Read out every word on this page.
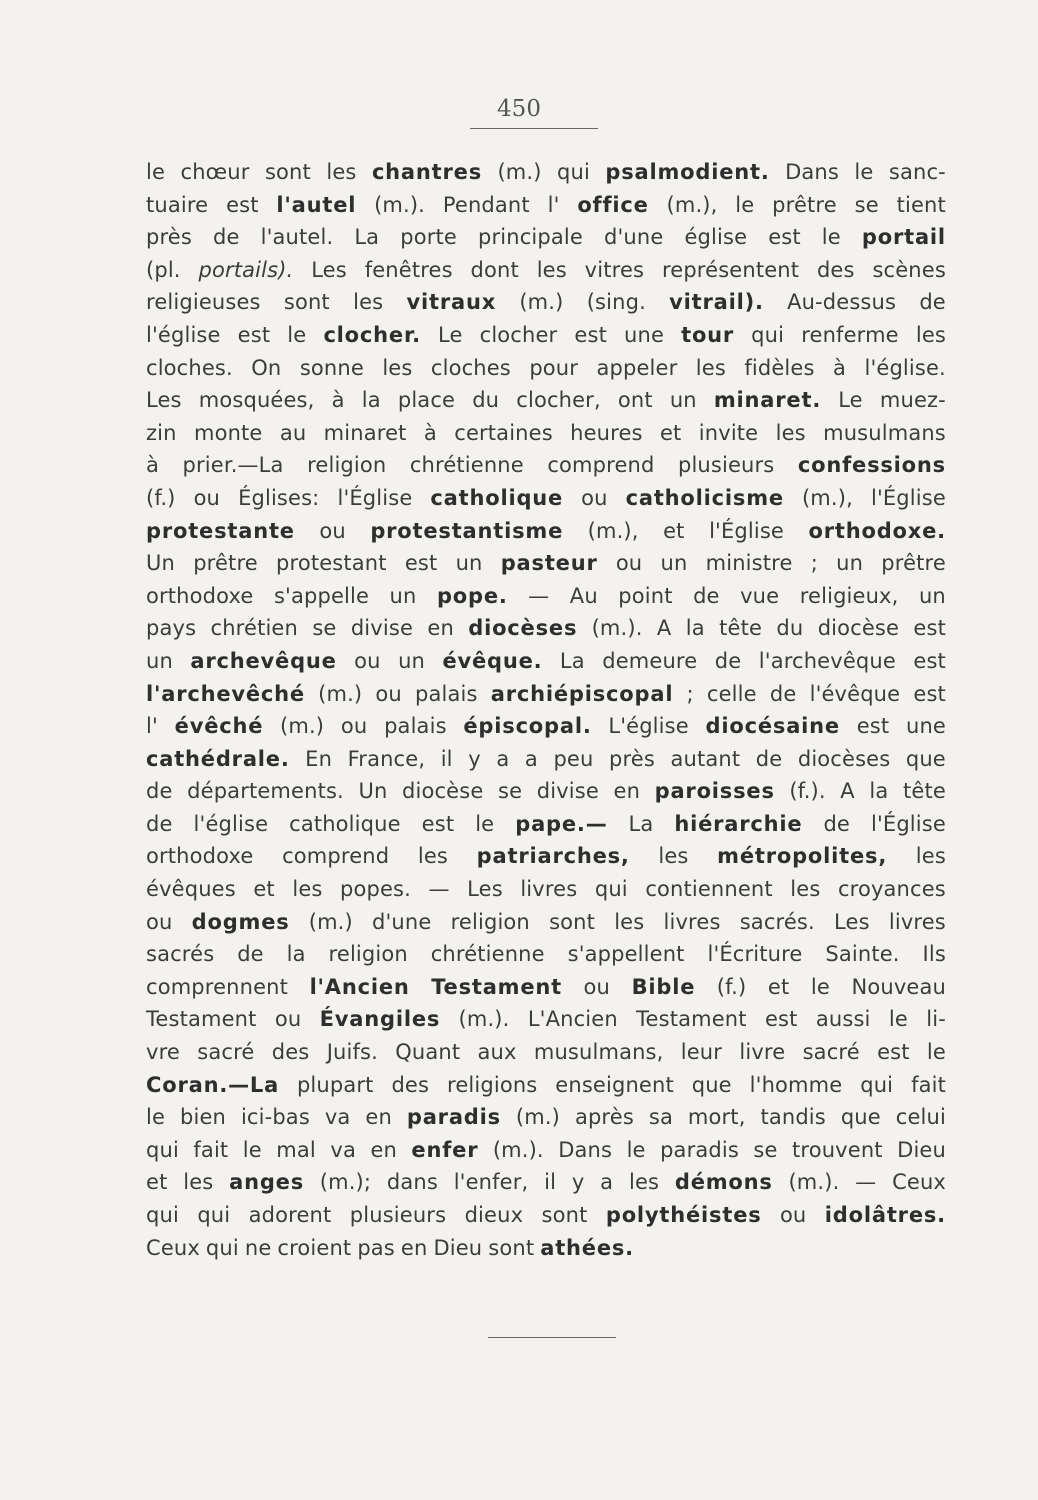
450
le chœur sont les chantres (m.) qui psalmodient. Dans le sanc-
tuaire est l'autel (m.). Pendant l' office (m.), le prêtre se tient
près de l'autel. La porte principale d'une église est le portail
(pl. portails). Les fenêtres dont les vitres représentent des scènes
religieuses sont les vitraux (m.) (sing. vitrail). Au-dessus de
l'église est le clocher. Le clocher est une tour qui renferme les
cloches. On sonne les cloches pour appeler les fidèles à l'église.
Les mosquées, à la place du clocher, ont un minaret. Le muez-
zin monte au minaret à certaines heures et invite les musulmans
à prier.—La religion chrétienne comprend plusieurs confessions
(f.) ou Églises: l'Église catholique ou catholicisme (m.), l'Église
protestante ou protestantisme (m.), et l'Église orthodoxe.
Un prêtre protestant est un pasteur ou un ministre ; un prêtre
orthodoxe s'appelle un pope. — Au point de vue religieux, un
pays chrétien se divise en diocèses (m.). A la tête du diocèse est
un archevêque ou un évêque. La demeure de l'archevêque est
l'archevêché (m.) ou palais archiépiscopal ; celle de l'évêque est
l' évêché (m.) ou palais épiscopal. L'église diocésaine est une
cathédrale. En France, il y a a peu près autant de diocèses que
de départements. Un diocèse se divise en paroisses (f.). A la tête
de l'église catholique est le pape.— La hiérarchie de l'Église
orthodoxe comprend les patriarches, les métropolites, les
évêques et les popes. — Les livres qui contiennent les croyances
ou dogmes (m.) d'une religion sont les livres sacrés. Les livres
sacrés de la religion chrétienne s'appellent l'Écriture Sainte. Ils
comprennent l'Ancien Testament ou Bible (f.) et le Nouveau
Testament ou Évangiles (m.). L'Ancien Testament est aussi le li-
vre sacré des Juifs. Quant aux musulmans, leur livre sacré est le
Coran.—La plupart des religions enseignent que l'homme qui fait
le bien ici-bas va en paradis (m.) après sa mort, tandis que celui
qui fait le mal va en enfer (m.). Dans le paradis se trouvent Dieu
et les anges (m.); dans l'enfer, il y a les démons (m.). — Ceux
qui qui adorent plusieurs dieux sont polythéistes ou idolâtres.
Ceux qui ne croient pas en Dieu sont athées.
